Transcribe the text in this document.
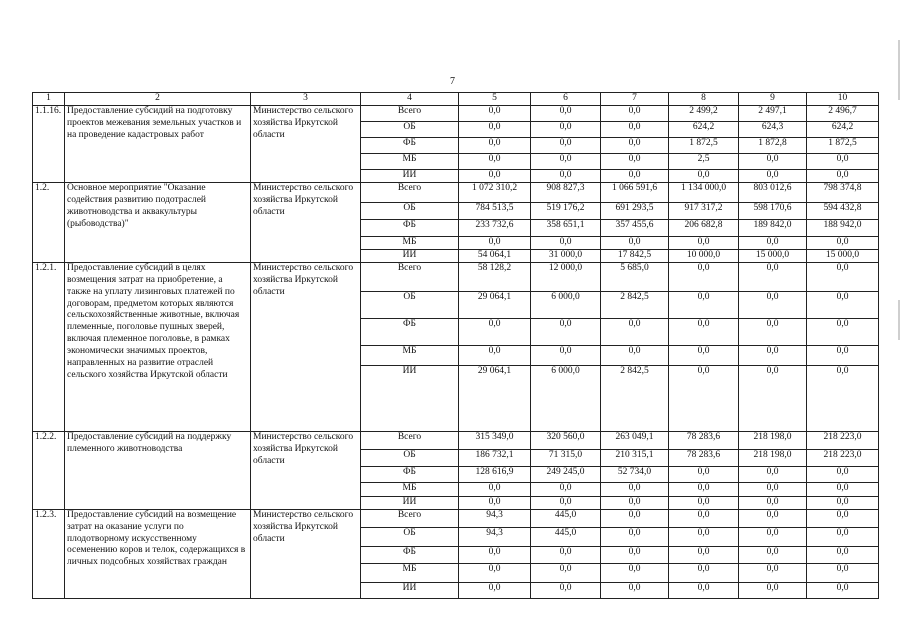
7
1	2	3	4	5	6	7	8	9	10
1.1.16.	Предоставление субсидий на подготовку проектов межевания земельных участков и на проведение кадастровых работ	Министерство сельского хозяйства Иркутской области	Всего	0,0	0,0	0,0	2 499,2	2 497,1	2 496,7
			ОБ	0,0	0,0	0,0	624,2	624,3	624,2
			ФБ	0,0	0,0	0,0	1 872,5	1 872,8	1 872,5
			МБ	0,0	0,0	0,0	2,5	0,0	0,0
			ИИ	0,0	0,0	0,0	0,0	0,0	0,0
1.2.	Основное мероприятие "Оказание содействия развитию подотраслей животноводства и аквакультуры (рыбоводства)"	Министерство сельского хозяйства Иркутской области	Всего	1 072 310,2	908 827,3	1 066 591,6	1 134 000,0	803 012,6	798 374,8
			ОБ	784 513,5	519 176,2	691 293,5	917 317,2	598 170,6	594 432,8
			ФБ	233 732,6	358 651,1	357 455,6	206 682,8	189 842,0	188 942,0
			МБ	0,0	0,0	0,0	0,0	0,0	0,0
			ИИ	54 064,1	31 000,0	17 842,5	10 000,0	15 000,0	15 000,0
1.2.1.	Предоставление субсидий в целях возмещения затрат на приобретение, а также на уплату лизинговых платежей по договорам, предметом которых являются сельскохозяйственные животные, включая племенные, поголовье пушных зверей, включая племенное поголовье, в рамках экономически значимых проектов, направленных на развитие отраслей сельского хозяйства Иркутской области	Министерство сельского хозяйства Иркутской области	Всего	58 128,2	12 000,0	5 685,0	0,0	0,0	0,0
			ОБ	29 064,1	6 000,0	2 842,5	0,0	0,0	0,0
			ФБ	0,0	0,0	0,0	0,0	0,0	0,0
			МБ	0,0	0,0	0,0	0,0	0,0	0,0
			ИИ	29 064,1	6 000,0	2 842,5	0,0	0,0	0,0
1.2.2.	Предоставление субсидий на поддержку племенного животноводства	Министерство сельского хозяйства Иркутской области	Всего	315 349,0	320 560,0	263 049,1	78 283,6	218 198,0	218 223,0
			ОБ	186 732,1	71 315,0	210 315,1	78 283,6	218 198,0	218 223,0
			ФБ	128 616,9	249 245,0	52 734,0	0,0	0,0	0,0
			МБ	0,0	0,0	0,0	0,0	0,0	0,0
			ИИ	0,0	0,0	0,0	0,0	0,0	0,0
1.2.3.	Предоставление субсидий на возмещение затрат на оказание услуги по плодотворному искусственному осеменению коров и телок, содержащихся в личных подсобных хозяйствах граждан	Министерство сельского хозяйства Иркутской области	Всего	94,3	445,0	0,0	0,0	0,0	0,0
			ОБ	94,3	445,0	0,0	0,0	0,0	0,0
			ФБ	0,0	0,0	0,0	0,0	0,0	0,0
			МБ	0,0	0,0	0,0	0,0	0,0	0,0
			ИИ	0,0	0,0	0,0	0,0	0,0	0,0
